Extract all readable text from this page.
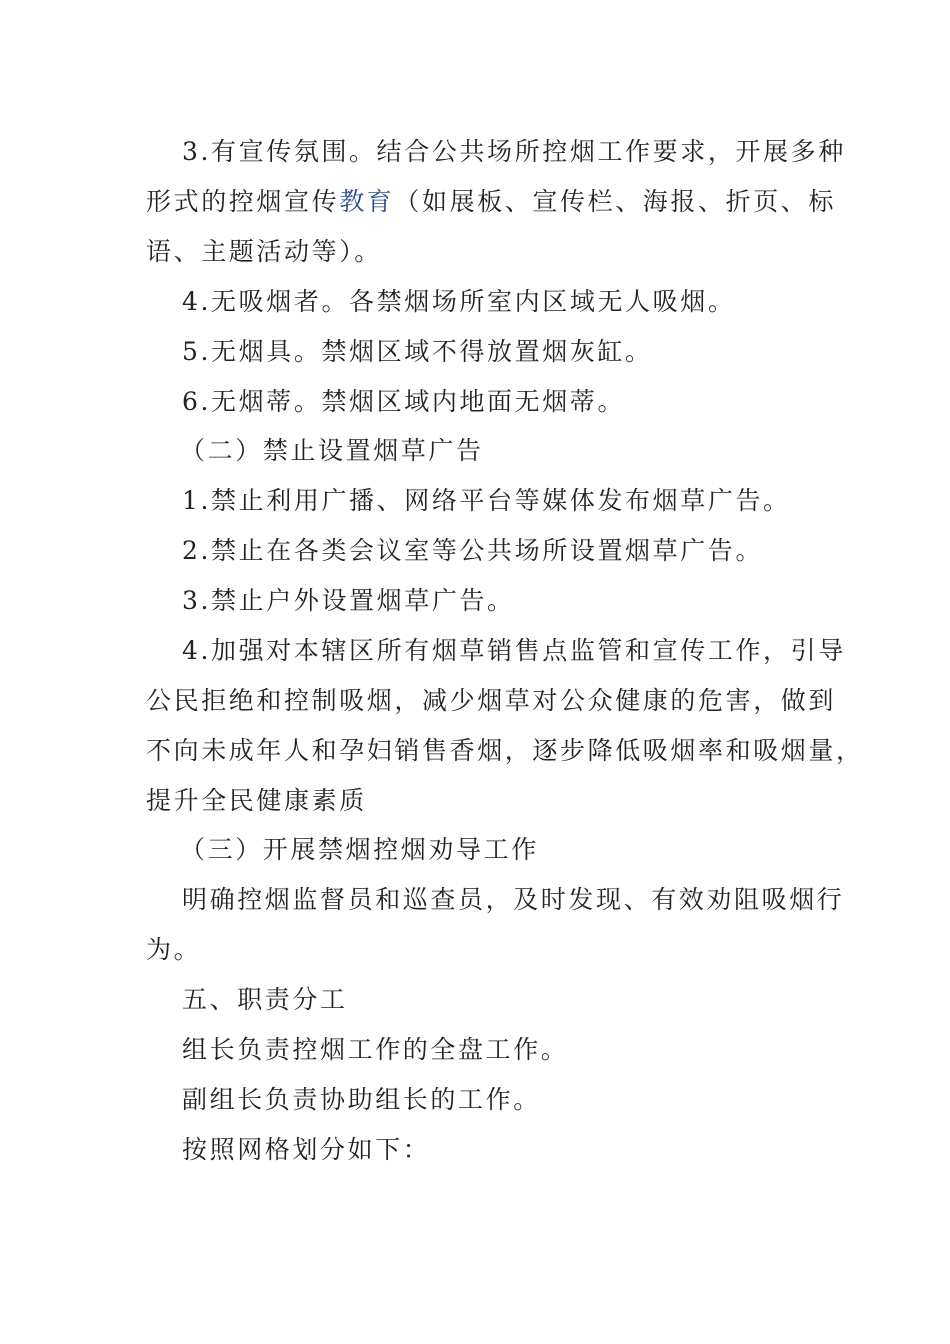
3.有宣传氛围。结合公共场所控烟工作要求，开展多种
形式的控烟宣传教育（如展板、宣传栏、海报、折页、标
语、主题活动等）。
4.无吸烟者。各禁烟场所室内区域无人吸烟。
5.无烟具。禁烟区域不得放置烟灰缸。
6.无烟蒂。禁烟区域内地面无烟蒂。
（二）禁止设置烟草广告
1.禁止利用广播、网络平台等媒体发布烟草广告。
2.禁止在各类会议室等公共场所设置烟草广告。
3.禁止户外设置烟草广告。
4.加强对本辖区所有烟草销售点监管和宣传工作，引导
公民拒绝和控制吸烟，减少烟草对公众健康的危害，做到
不向未成年人和孕妇销售香烟，逐步降低吸烟率和吸烟量，
提升全民健康素质
（三）开展禁烟控烟劝导工作
明确控烟监督员和巡查员，及时发现、有效劝阻吸烟行
为。
五、职责分工
组长负责控烟工作的全盘工作。
副组长负责协助组长的工作。
按照网格划分如下：
